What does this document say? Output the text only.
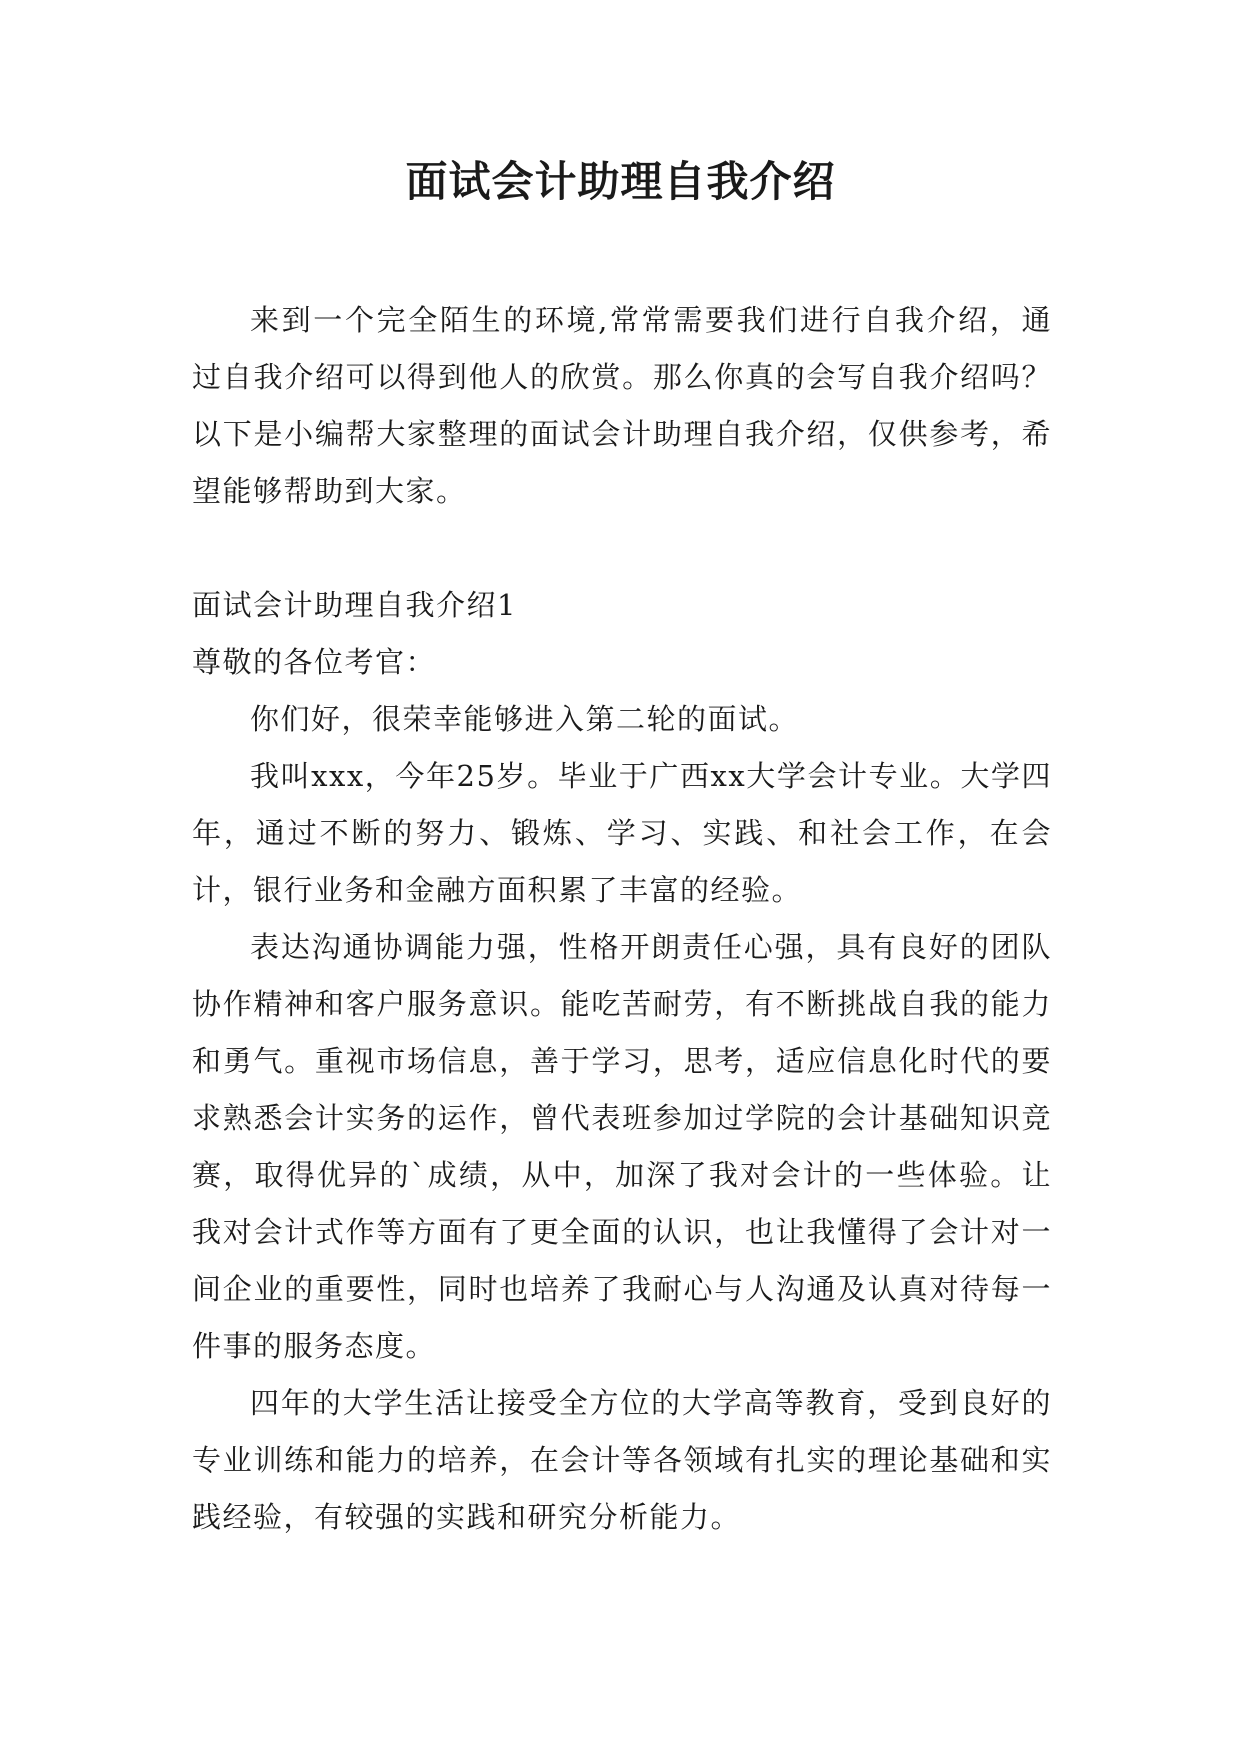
面试会计助理自我介绍

来到一个完全陌生的环境,常常需要我们进行自我介绍，通过自我介绍可以得到他人的欣赏。那么你真的会写自我介绍吗？以下是小编帮大家整理的面试会计助理自我介绍，仅供参考，希望能够帮助到大家。

面试会计助理自我介绍1

尊敬的各位考官：

你们好，很荣幸能够进入第二轮的面试。

我叫xxx，今年25岁。毕业于广西xx大学会计专业。大学四年，通过不断的努力、锻炼、学习、实践、和社会工作，在会计，银行业务和金融方面积累了丰富的经验。

表达沟通协调能力强，性格开朗责任心强，具有良好的团队协作精神和客户服务意识。能吃苦耐劳，有不断挑战自我的能力和勇气。重视市场信息，善于学习，思考，适应信息化时代的要求熟悉会计实务的运作，曾代表班参加过学院的会计基础知识竞赛，取得优异的`成绩，从中，加深了我对会计的一些体验。让我对会计式作等方面有了更全面的认识，也让我懂得了会计对一间企业的重要性，同时也培养了我耐心与人沟通及认真对待每一件事的服务态度。

四年的大学生活让接受全方位的大学高等教育，受到良好的专业训练和能力的培养，在会计等各领域有扎实的理论基础和实践经验，有较强的实践和研究分析能力。
